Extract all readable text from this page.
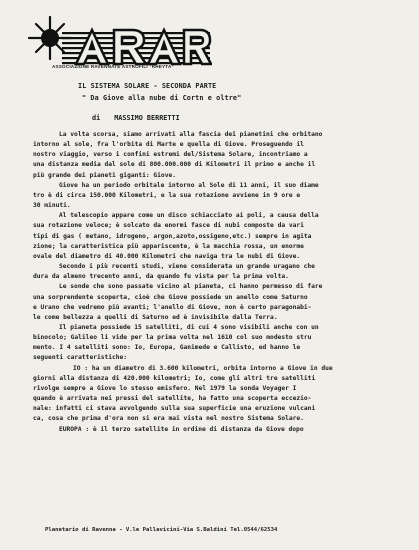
ARAR
ASSOCIAZIONE RAVENNATE ASTROFILI "RHEYTA"
IL SISTEMA SOLARE - SECONDA PARTE
" Da Giove alla nube di Cortn e oltre"
di MASSIMO BERRETTI

La volta scorsa, siamo arrivati alla fascia dei pianetini che orbitano

intorno al sole, fra l'orbita di Marte e quella di Giove. Proseguendo il

nostro viaggio, verso i confini estremi del/Sistema Solare, incontriamo a

una distanza media dal sole di 800.000.000 di Kilometri il primo e anche il

più grande dei pianeti giganti: Giove.

Giove ha un periodo orbitale intorno al Sole di 11 anni, il suo diame

tro è di circa 150.000 Kilometri, e la sua rotazione avviene in 9 ore e

30 minuti.

Al telescopio appare come un disco schiacciato ai poli, a causa della

sua rotazione veloce; è solcato da enormi fasce di nubi composte da vari

tipi di gas ( metano, idrogeno, argon,azoto,ossigeno,etc.) sempre in agita

zione; la caratteristica più appariscente, è la macchia rossa, un enorme

ovale del diametro di 40.000 Kilometri che naviga tra le nubi di Giove.

Secondo i più recenti studi, viene considerata un grande uragano che

dura da almeno trecento anni, da quando fu vista per la prima volta.

Le sonde che sono passate vicino al pianeta, ci hanno permesso di fare

una sorprendente scoperta, cioè che Giove possiede un anello come Saturno

e Urano che vedremo più avanti; l'anello di Giove, non è certo paragonabi-

le come bellezza a quelli di Saturno ed è invisibile dalla Terra.

Il pianeta possiede 15 satelliti, di cui 4 sono visibili anche con un

binocolo; Galileo li vide per la prima volta nel 1610 col suo modesto stru

mento. I 4 satelliti sono: Io, Europa, Ganimede e Callisto, ed hanno le

seguenti caratteristiche:

IO : ha un diametro di 3.600 kilometri, orbita intorno a Giove in due

giorni alla distanza di 420.000 kilometri; Io, come gli altri tre satelliti

rivolge sempre a Giove lo stesso emisfero. Nel 1979 la sonda Voyager I

quando è arrivata nei pressi del satellite, ha fatto una scoperta eccezio-

nale: infatti ci stava avvolgendo sulla sua superficie una eruzione vulcani

ca, cosa che prima d'ora non si era mai vista nel nostro Sistema Solare.

EUROPA : è il terzo satellite in ordine di distanza da Giove dopo

Planetario di Ravenna - V.le Pallavicini-Via S.Baldini Tel.0544/62534
